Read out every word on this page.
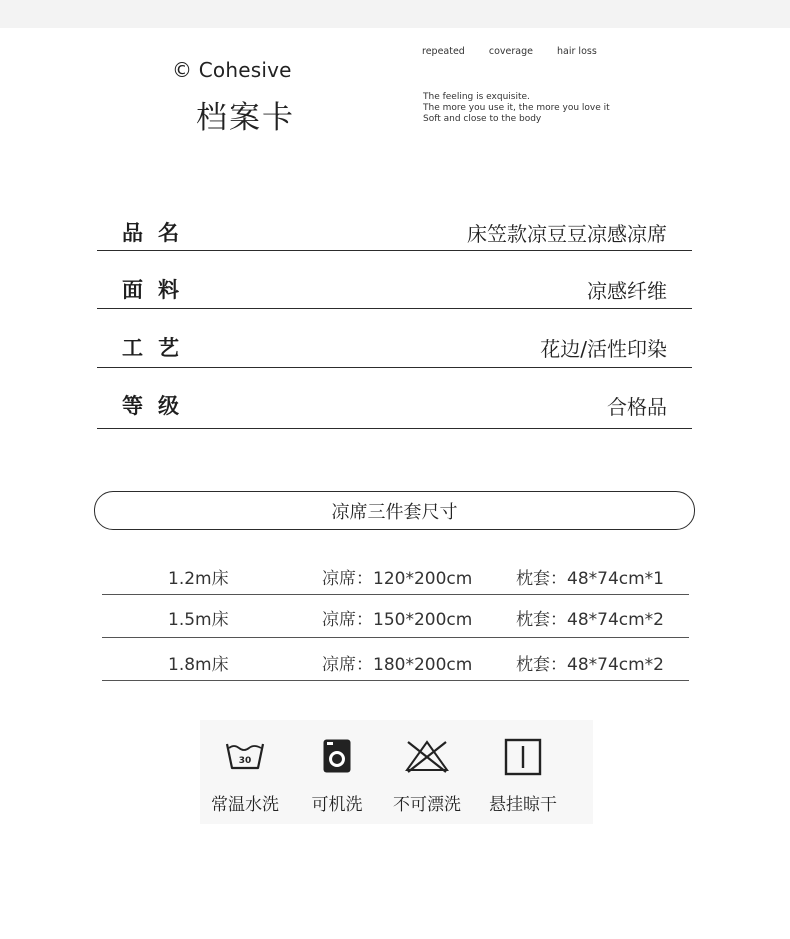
© Cohesive
档案卡
repeated	coverage	hair loss
The feeling is exquisite.
The more you use it, the more you love it
Soft and close to the body
品名	床笠款凉豆豆凉感凉席
面料	凉感纤维
工艺	花边/活性印染
等级	合格品
凉席三件套尺寸
1.2m床	凉席：120*200cm	枕套：48*74cm*1
1.5m床	凉席：150*200cm	枕套：48*74cm*2
1.8m床	凉席：180*200cm	枕套：48*74cm*2
30
常温水洗	可机洗	不可漂洗	悬挂晾干
